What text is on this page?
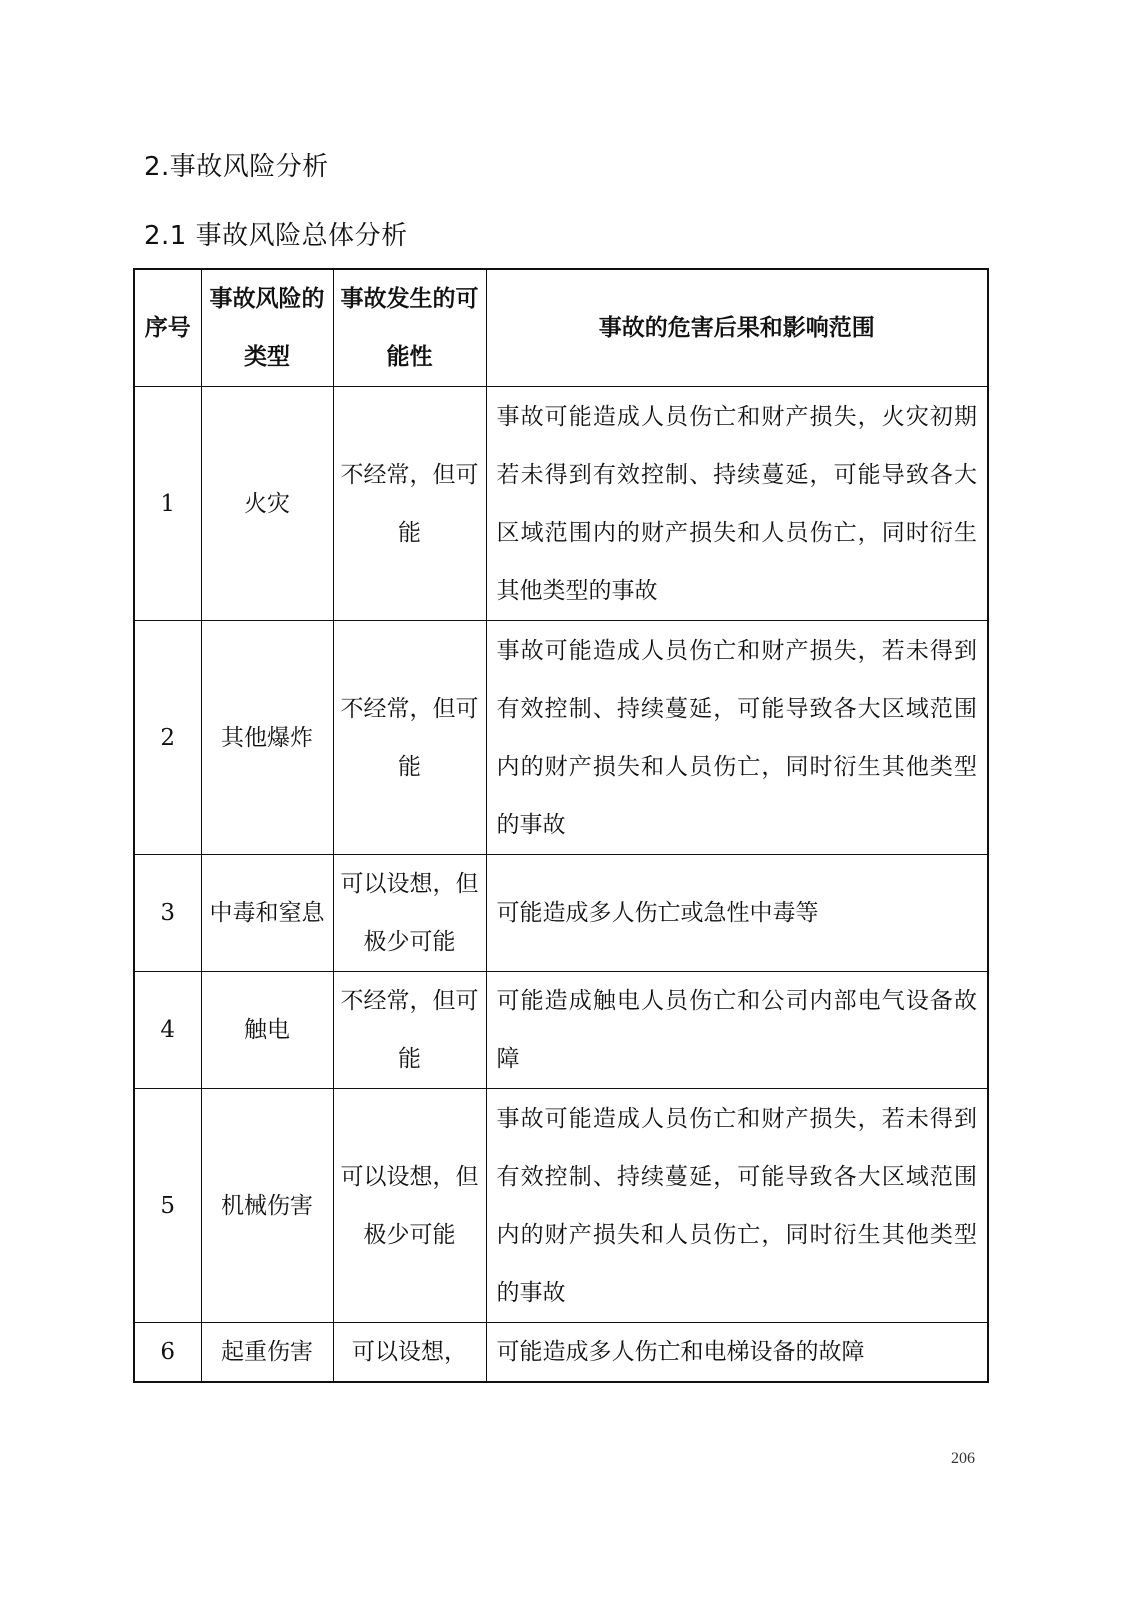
2.事故风险分析
2.1 事故风险总体分析
序号	事故风险的类型	事故发生的可能性	事故的危害后果和影响范围
1	火灾	不经常，但可能	事故可能造成人员伤亡和财产损失，火灾初期若未得到有效控制、持续蔓延，可能导致各大区域范围内的财产损失和人员伤亡，同时衍生其他类型的事故
2	其他爆炸	不经常，但可能	事故可能造成人员伤亡和财产损失，若未得到有效控制、持续蔓延，可能导致各大区域范围内的财产损失和人员伤亡，同时衍生其他类型的事故
3	中毒和窒息	可以设想，但极少可能	可能造成多人伤亡或急性中毒等
4	触电	不经常，但可能	可能造成触电人员伤亡和公司内部电气设备故障
5	机械伤害	可以设想，但极少可能	事故可能造成人员伤亡和财产损失，若未得到有效控制、持续蔓延，可能导致各大区域范围内的财产损失和人员伤亡，同时衍生其他类型的事故
6	起重伤害	可以设想，	可能造成多人伤亡和电梯设备的故障
206
